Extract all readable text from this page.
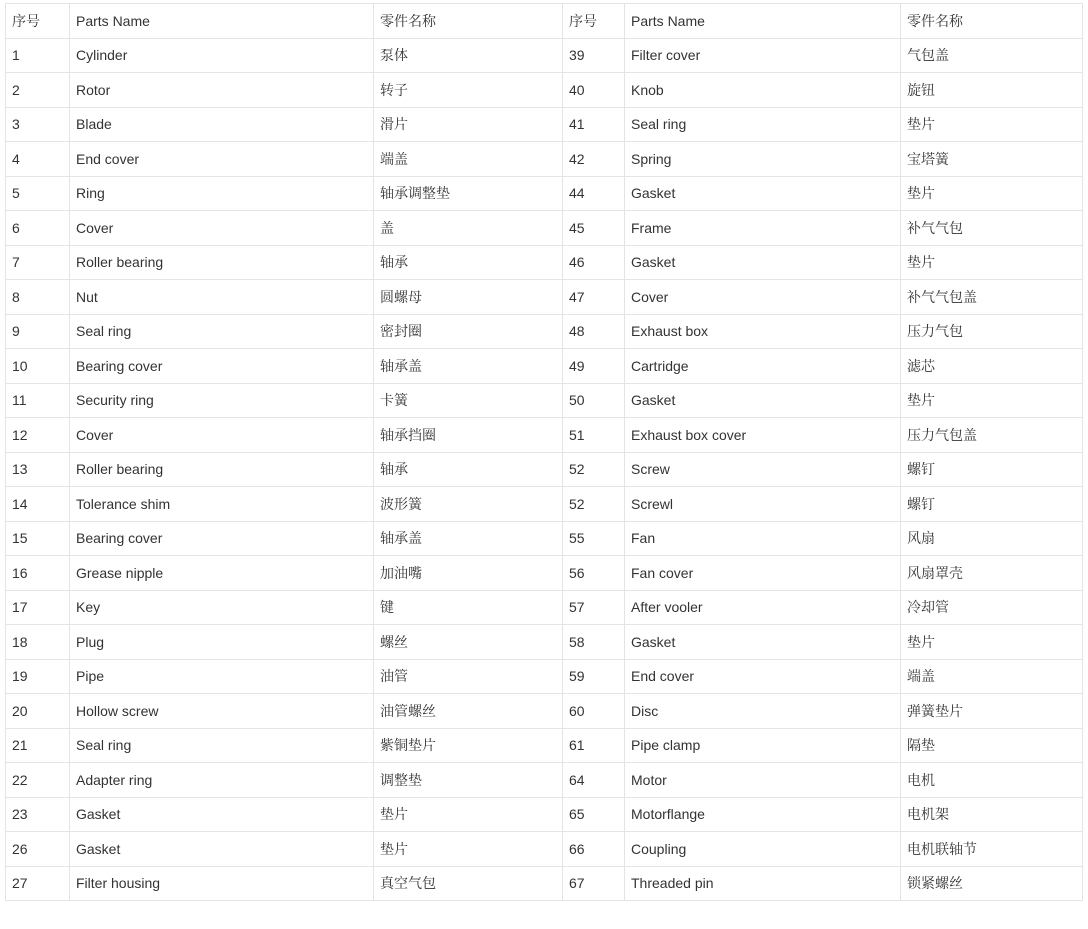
序号	Parts Name	零件名称	序号	Parts Name	零件名称
1	Cylinder	泵体	39	Filter cover	气包盖
2	Rotor	转子	40	Knob	旋钮
3	Blade	滑片	41	Seal ring	垫片
4	End cover	端盖	42	Spring	宝塔簧
5	Ring	轴承调整垫	44	Gasket	垫片
6	Cover	盖	45	Frame	补气气包
7	Roller bearing	轴承	46	Gasket	垫片
8	Nut	圆螺母	47	Cover	补气气包盖
9	Seal ring	密封圈	48	Exhaust box	压力气包
10	Bearing cover	轴承盖	49	Cartridge	滤芯
11	Security ring	卡簧	50	Gasket	垫片
12	Cover	轴承挡圈	51	Exhaust box cover	压力气包盖
13	Roller bearing	轴承	52	Screw	螺钉
14	Tolerance shim	波形簧	52	Screwl	螺钉
15	Bearing cover	轴承盖	55	Fan	风扇
16	Grease nipple	加油嘴	56	Fan cover	风扇罩壳
17	Key	键	57	After vooler	冷却管
18	Plug	螺丝	58	Gasket	垫片
19	Pipe	油管	59	End cover	端盖
20	Hollow screw	油管螺丝	60	Disc	弹簧垫片
21	Seal ring	紫铜垫片	61	Pipe clamp	隔垫
22	Adapter ring	调整垫	64	Motor	电机
23	Gasket	垫片	65	Motorflange	电机架
26	Gasket	垫片	66	Coupling	电机联轴节
27	Filter housing	真空气包	67	Threaded pin	锁紧螺丝
